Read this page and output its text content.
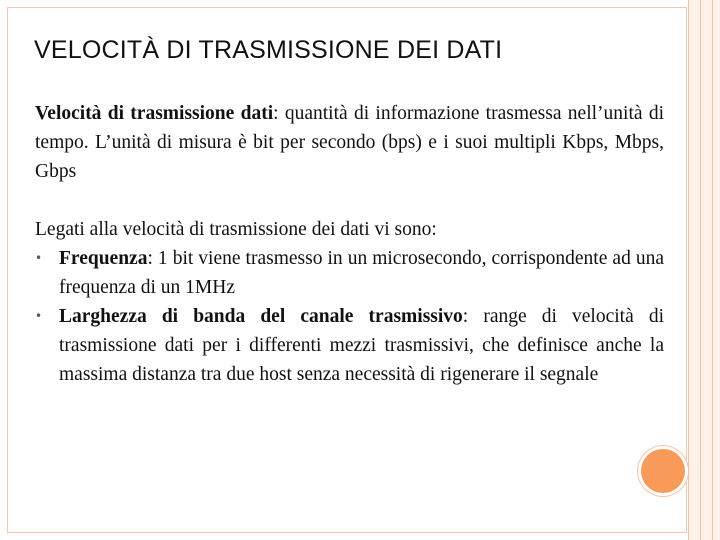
VELOCITÀ DI TRASMISSIONE DEI DATI

Velocità di trasmissione dati: quantità di informazione trasmessa nell’unità di tempo. L’unità di misura è bit per secondo (bps) e i suoi multipli Kbps, Mbps, Gbps

Legati alla velocità di trasmissione dei dati vi sono:

• Frequenza: 1 bit viene trasmesso in un microsecondo, corrispondente ad una frequenza di un 1MHz
• Larghezza di banda del canale trasmissivo: range di velocità di trasmissione dati per i differenti mezzi trasmissivi, che definisce anche la massima distanza tra due host senza necessità di rigenerare il segnale
